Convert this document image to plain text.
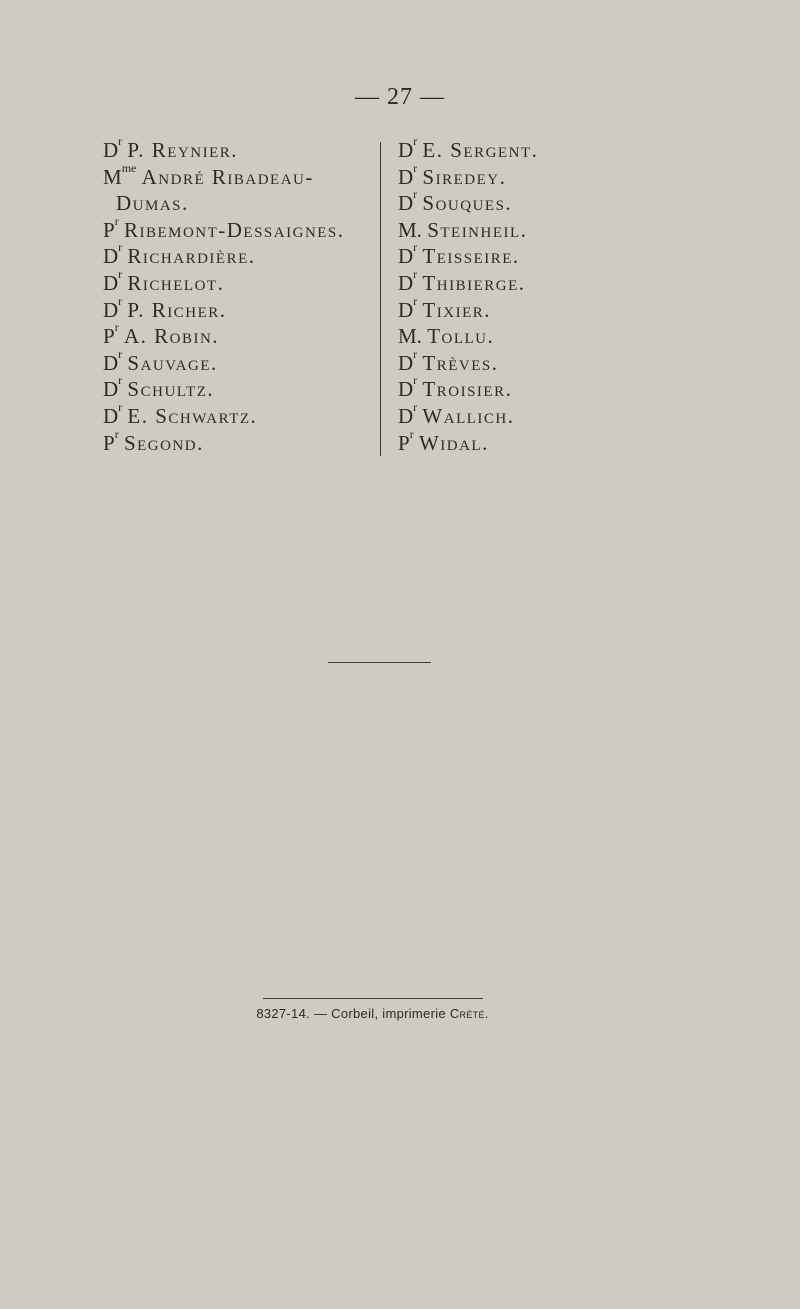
— 27 —
$D^r$ P. Reynier.
$M^{me}$ André Ribadeau-
Dumas.
$P^r$ Ribemont-Dessaignes.
$D^r$ Richardière.
$D^r$ Richelot.
$D^r$ P. Richer.
$P^r$ A. Robin.
$D^r$ Sauvage.
$D^r$ Schultz.
$D^r$ E. Schwartz.
$P^r$ Segond.
$D^r$ E. Sergent.
$D^r$ Siredey.
$D^r$ Souques.
M. Steinheil.
$D^r$ Teisseire.
$D^r$ Thibierge.
$D^r$ Tixier.
M. Tollu.
$D^r$ Trèves.
$D^r$ Troisier.
$D^r$ Wallich.
$P^r$ Widal.
8327-14. — Corbeil, imprimerie Crété.
